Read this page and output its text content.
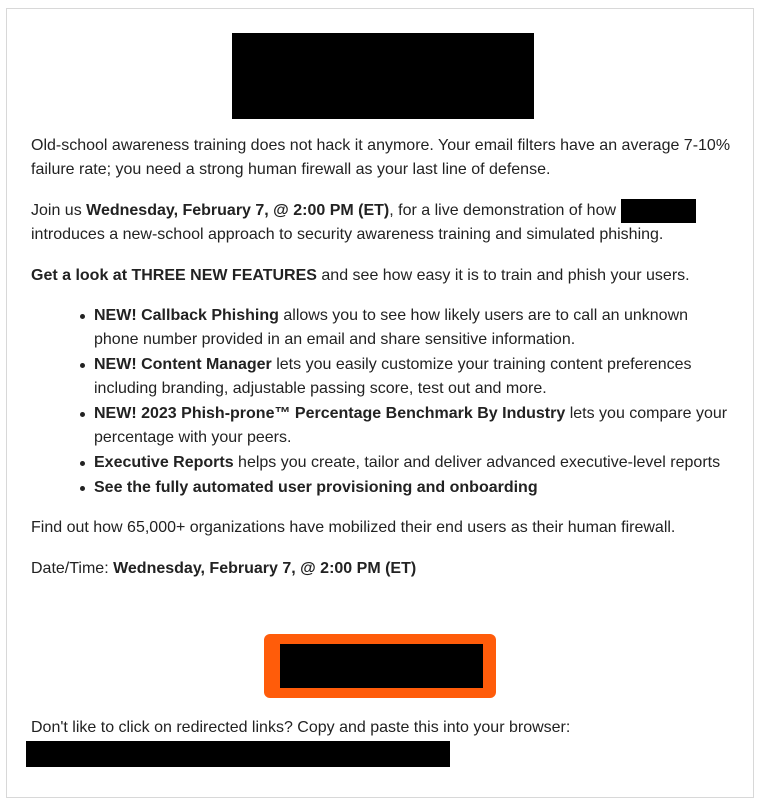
Old-school awareness training does not hack it anymore. Your email filters have an average 7-10% failure rate; you need a strong human firewall as your last line of defense.

Join us Wednesday, February 7, @ 2:00 PM (ET), for a live demonstration of how  introduces a new-school approach to security awareness training and simulated phishing.

Get a look at THREE NEW FEATURES and see how easy it is to train and phish your users.

NEW! Callback Phishing allows you to see how likely users are to call an unknown phone number provided in an email and share sensitive information.
NEW! Content Manager lets you easily customize your training content preferences including branding, adjustable passing score, test out and more.
NEW! 2023 Phish-prone™ Percentage Benchmark By Industry lets you compare your percentage with your peers.
Executive Reports helps you create, tailor and deliver advanced executive-level reports
See the fully automated user provisioning and onboarding

Find out how 65,000+ organizations have mobilized their end users as their human firewall.

Date/Time: Wednesday, February 7, @ 2:00 PM (ET)

Don't like to click on redirected links? Copy and paste this into your browser:
